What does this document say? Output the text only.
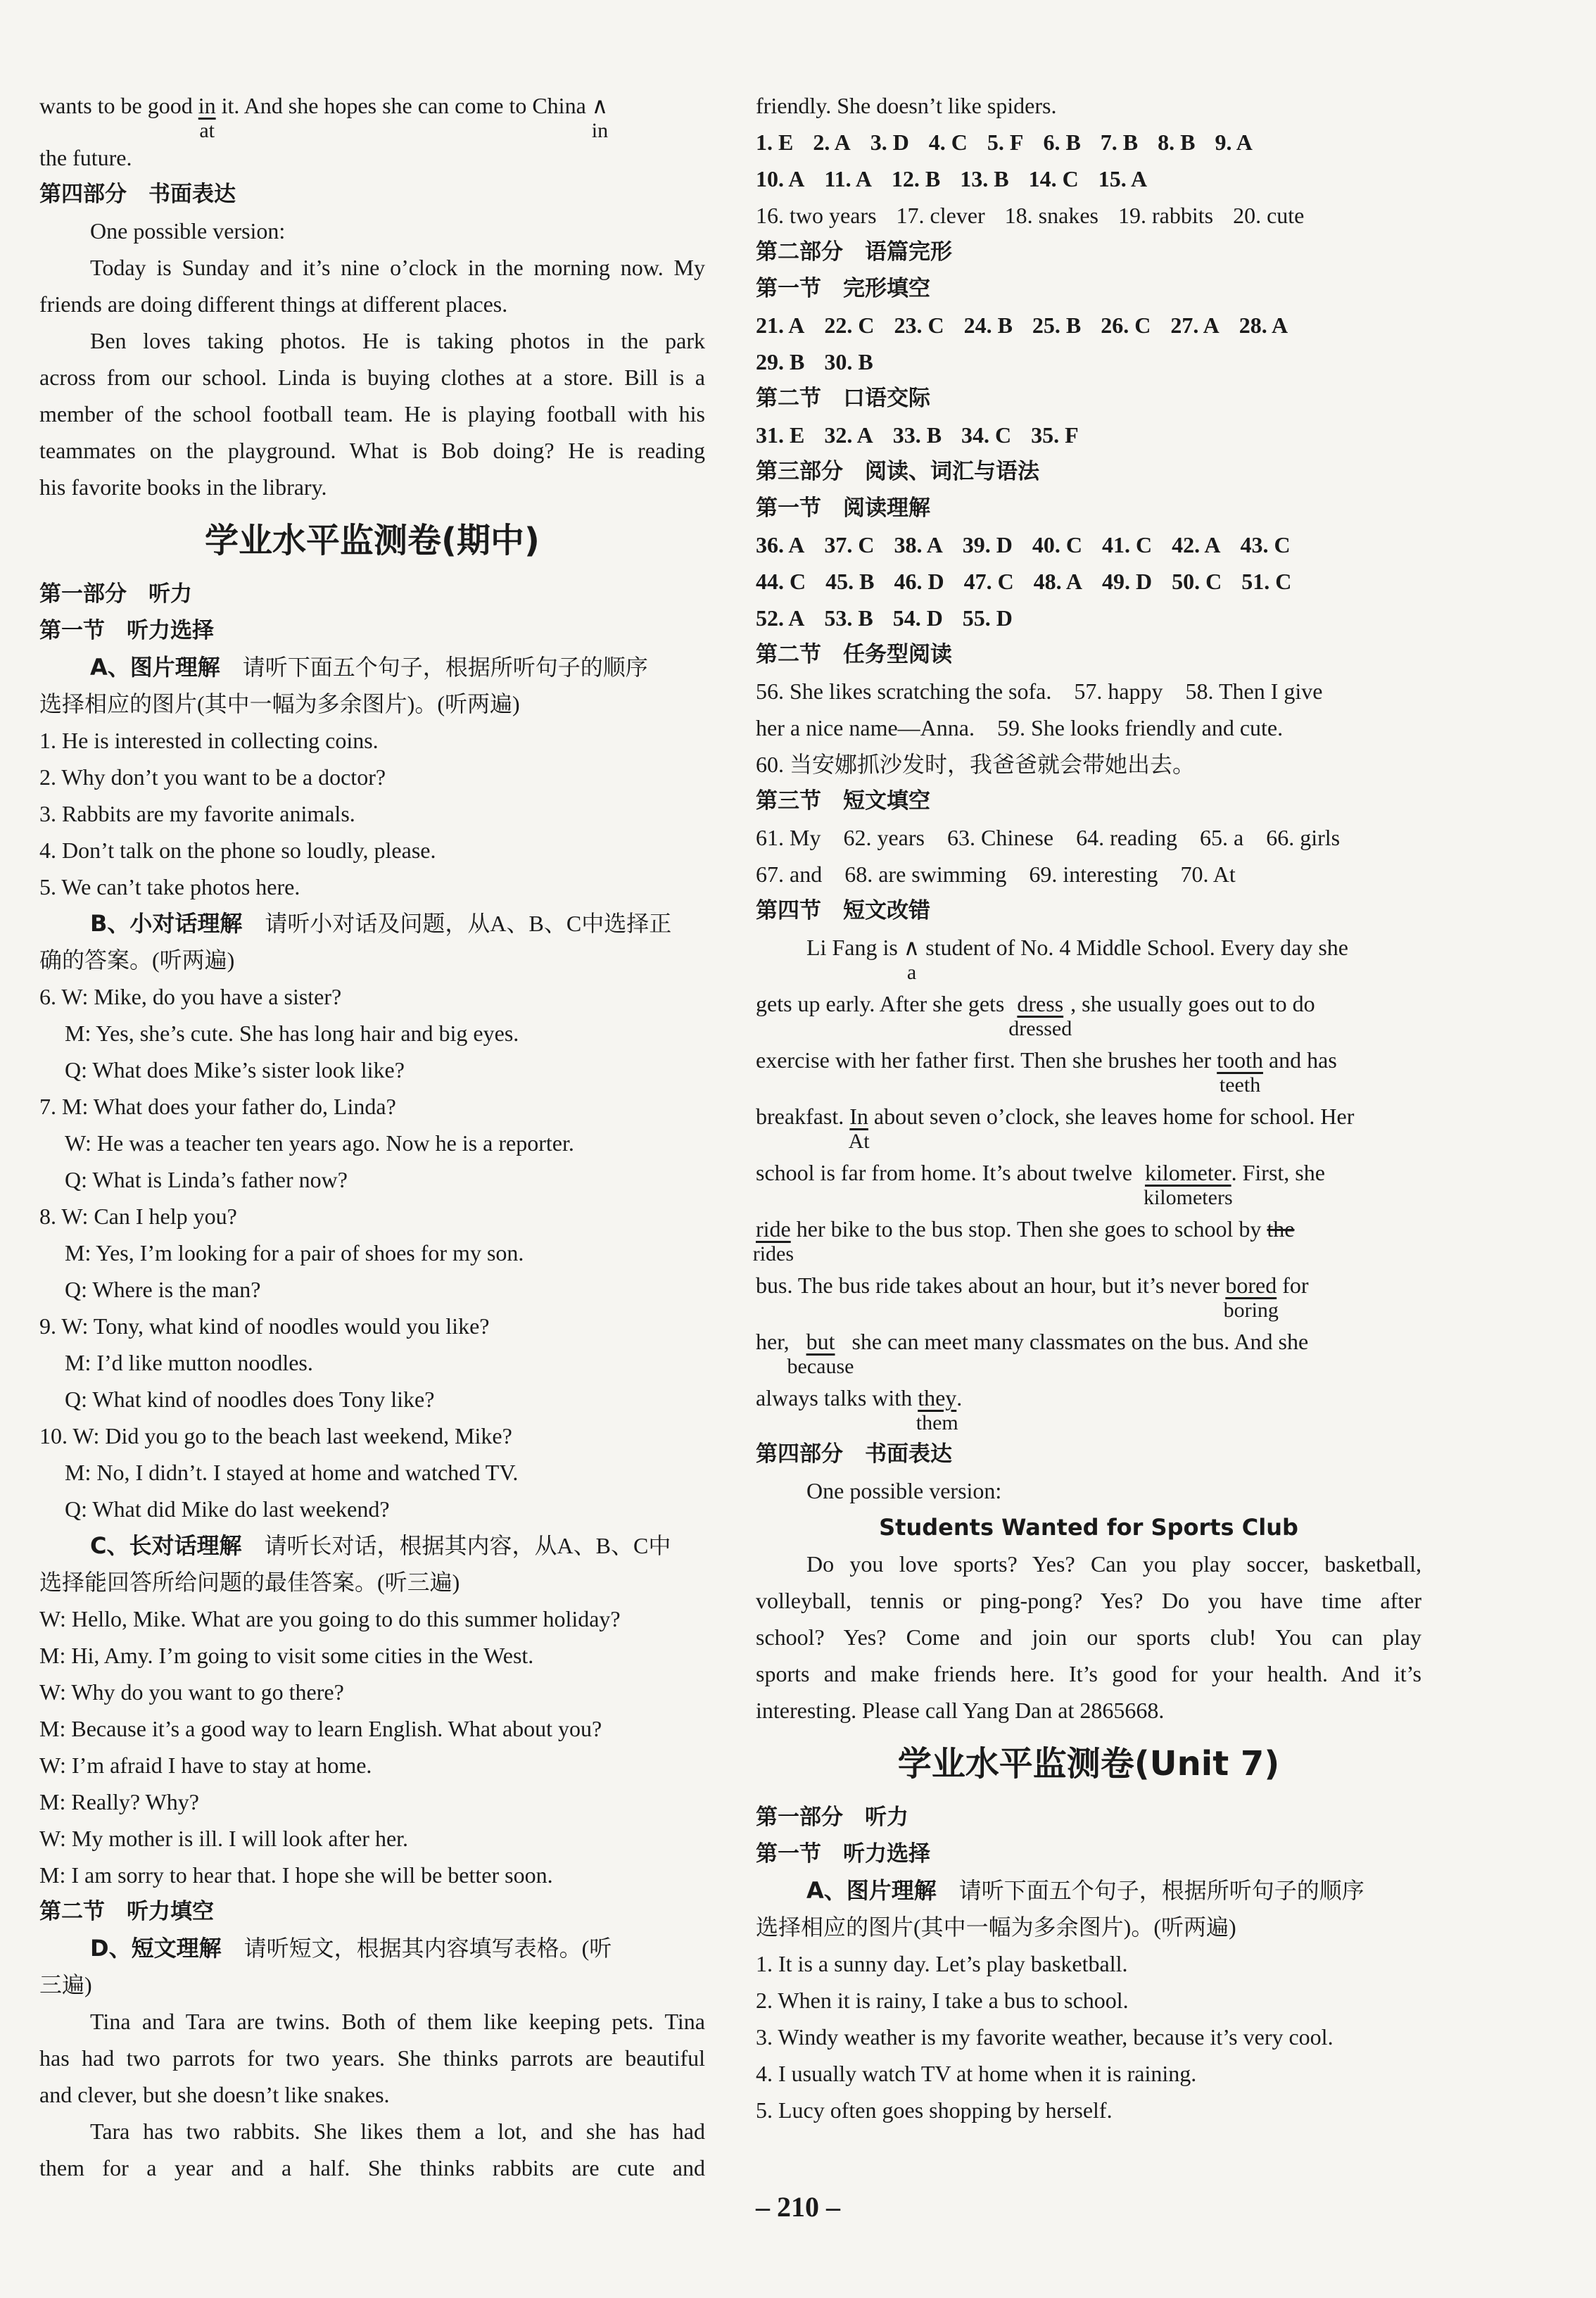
wants to be good $\frac{in}{at}$ it. And she hopes she can come to China ∧
in
the future.
第四部分　书面表达
One possible version:
Today is Sunday and it’s nine o’clock in the morning now. My
friends are doing different things at different places.
Ben loves taking photos. He is taking photos in the park
across from our school. Linda is buying clothes at a store. Bill is a
member of the school football team. He is playing football with his
teammates on the playground. What is Bob doing? He is reading
his favorite books in the library.
学业水平监测卷(期中)
第一部分　听力
第一节　听力选择
A、图片理解　 请听下面五个句子，根据所听句子的顺序
选择相应的图片(其中一幅为多余图片)。(听两遍)
1. He is interested in collecting coins.
2. Why don’t you want to be a doctor?
3. Rabbits are my favorite animals.
4. Don’t talk on the phone so loudly, please.
5. We can’t take photos here.
B、小对话理解　 请听小对话及问题，从A、B、C中选择正
确的答案。(听两遍)
6. W: Mike, do you have a sister?
M: Yes, she’s cute. She has long hair and big eyes.
Q: What does Mike’s sister look like?
7. M: What does your father do, Linda?
W: He was a teacher ten years ago. Now he is a reporter.
Q: What is Linda’s father now?
8. W: Can I help you?
M: Yes, I’m looking for a pair of shoes for my son.
Q: Where is the man?
9. W: Tony, what kind of noodles would you like?
M: I’d like mutton noodles.
Q: What kind of noodles does Tony like?
10. W: Did you go to the beach last weekend, Mike?
M: No, I didn’t. I stayed at home and watched TV.
Q: What did Mike do last weekend?
C、长对话理解　 请听长对话，根据其内容，从A、B、C中
选择能回答所给问题的最佳答案。(听三遍)
W: Hello, Mike. What are you going to do this summer holiday?
M: Hi, Amy. I’m going to visit some cities in the West.
W: Why do you want to go there?
M: Because it’s a good way to learn English. What about you?
W: I’m afraid I have to stay at home.
M: Really? Why?
W: My mother is ill. I will look after her.
M: I am sorry to hear that. I hope she will be better soon.
第二节　听力填空
D、短文理解　 请听短文，根据其内容填写表格。(听
三遍)
Tina and Tara are twins. Both of them like keeping pets. Tina
has had two parrots for two years. She thinks parrots are beautiful
and clever, but she doesn’t like snakes.
Tara has two rabbits. She likes them a lot, and she has had
them for a year and a half. She thinks rabbits are cute and
friendly. She doesn’t like spiders.
1. E 2. A 3. D 4. C 5. F 6. B 7. B 8. B 9. A
10. A 11. A 12. B 13. B 14. C 15. A
16. two years 17. clever 18. snakes 19. rabbits 20. cute
第二部分　语篇完形
第一节　完形填空
21. A 22. C 23. C 24. B 25. B 26. C 27. A 28. A
29. B 30. B
第二节　口语交际
31. E 32. A 33. B 34. C 35. F
第三部分　阅读、词汇与语法
第一节　阅读理解
36. A 37. C 38. A 39. D 40. C 41. C 42. A 43. C
44. C 45. B 46. D 47. C 48. A 49. D 50. C 51. C
52. A 53. B 54. D 55. D
第二节　任务型阅读
56. She likes scratching the sofa.　57. happy　58. Then I give
her a nice name—Anna.　59. She looks friendly and cute.
60. 当安娜抓沙发时，我爸爸就会带她出去。
第三节　短文填空
61. My　62. years　63. Chinese　64. reading　65. a　66. girls
67. and　68. are swimming　69. interesting　70. At
第四节　短文改错
Li Fang is ∧
a
student of No. 4 Middle School. Every day she
gets up early. After she gets dress
dressed
, she usually goes out to do
exercise with her father first. Then she brushes her tooth
teeth
and has
breakfast. $\frac{In}{At}$ about seven o’clock, she leaves home for school. Her
school is far from home. It’s about twelve kilometer
kilometers
. First, she
ride
rides
her bike to the bus stop. Then she goes to school by the
bus. The bus ride takes about an hour, but it’s never bored
boring
for
her, but
because
she can meet many classmates on the bus. And she
always talks with they
them
.
第四部分　书面表达
One possible version:
Students Wanted for Sports Club
Do you love sports? Yes? Can you play soccer, basketball,
volleyball, tennis or ping-pong? Yes? Do you have time after
school? Yes? Come and join our sports club! You can play
sports and make friends here. It’s good for your health. And it’s
interesting. Please call Yang Dan at 2865668.
学业水平监测卷(Unit 7)
第一部分　听力
第一节　听力选择
A、图片理解　 请听下面五个句子，根据所听句子的顺序
选择相应的图片(其中一幅为多余图片)。(听两遍)
1. It is a sunny day. Let’s play basketball.
2. When it is rainy, I take a bus to school.
3. Windy weather is my favorite weather, because it’s very cool.
4. I usually watch TV at home when it is raining.
5. Lucy often goes shopping by herself.
– 210 –
